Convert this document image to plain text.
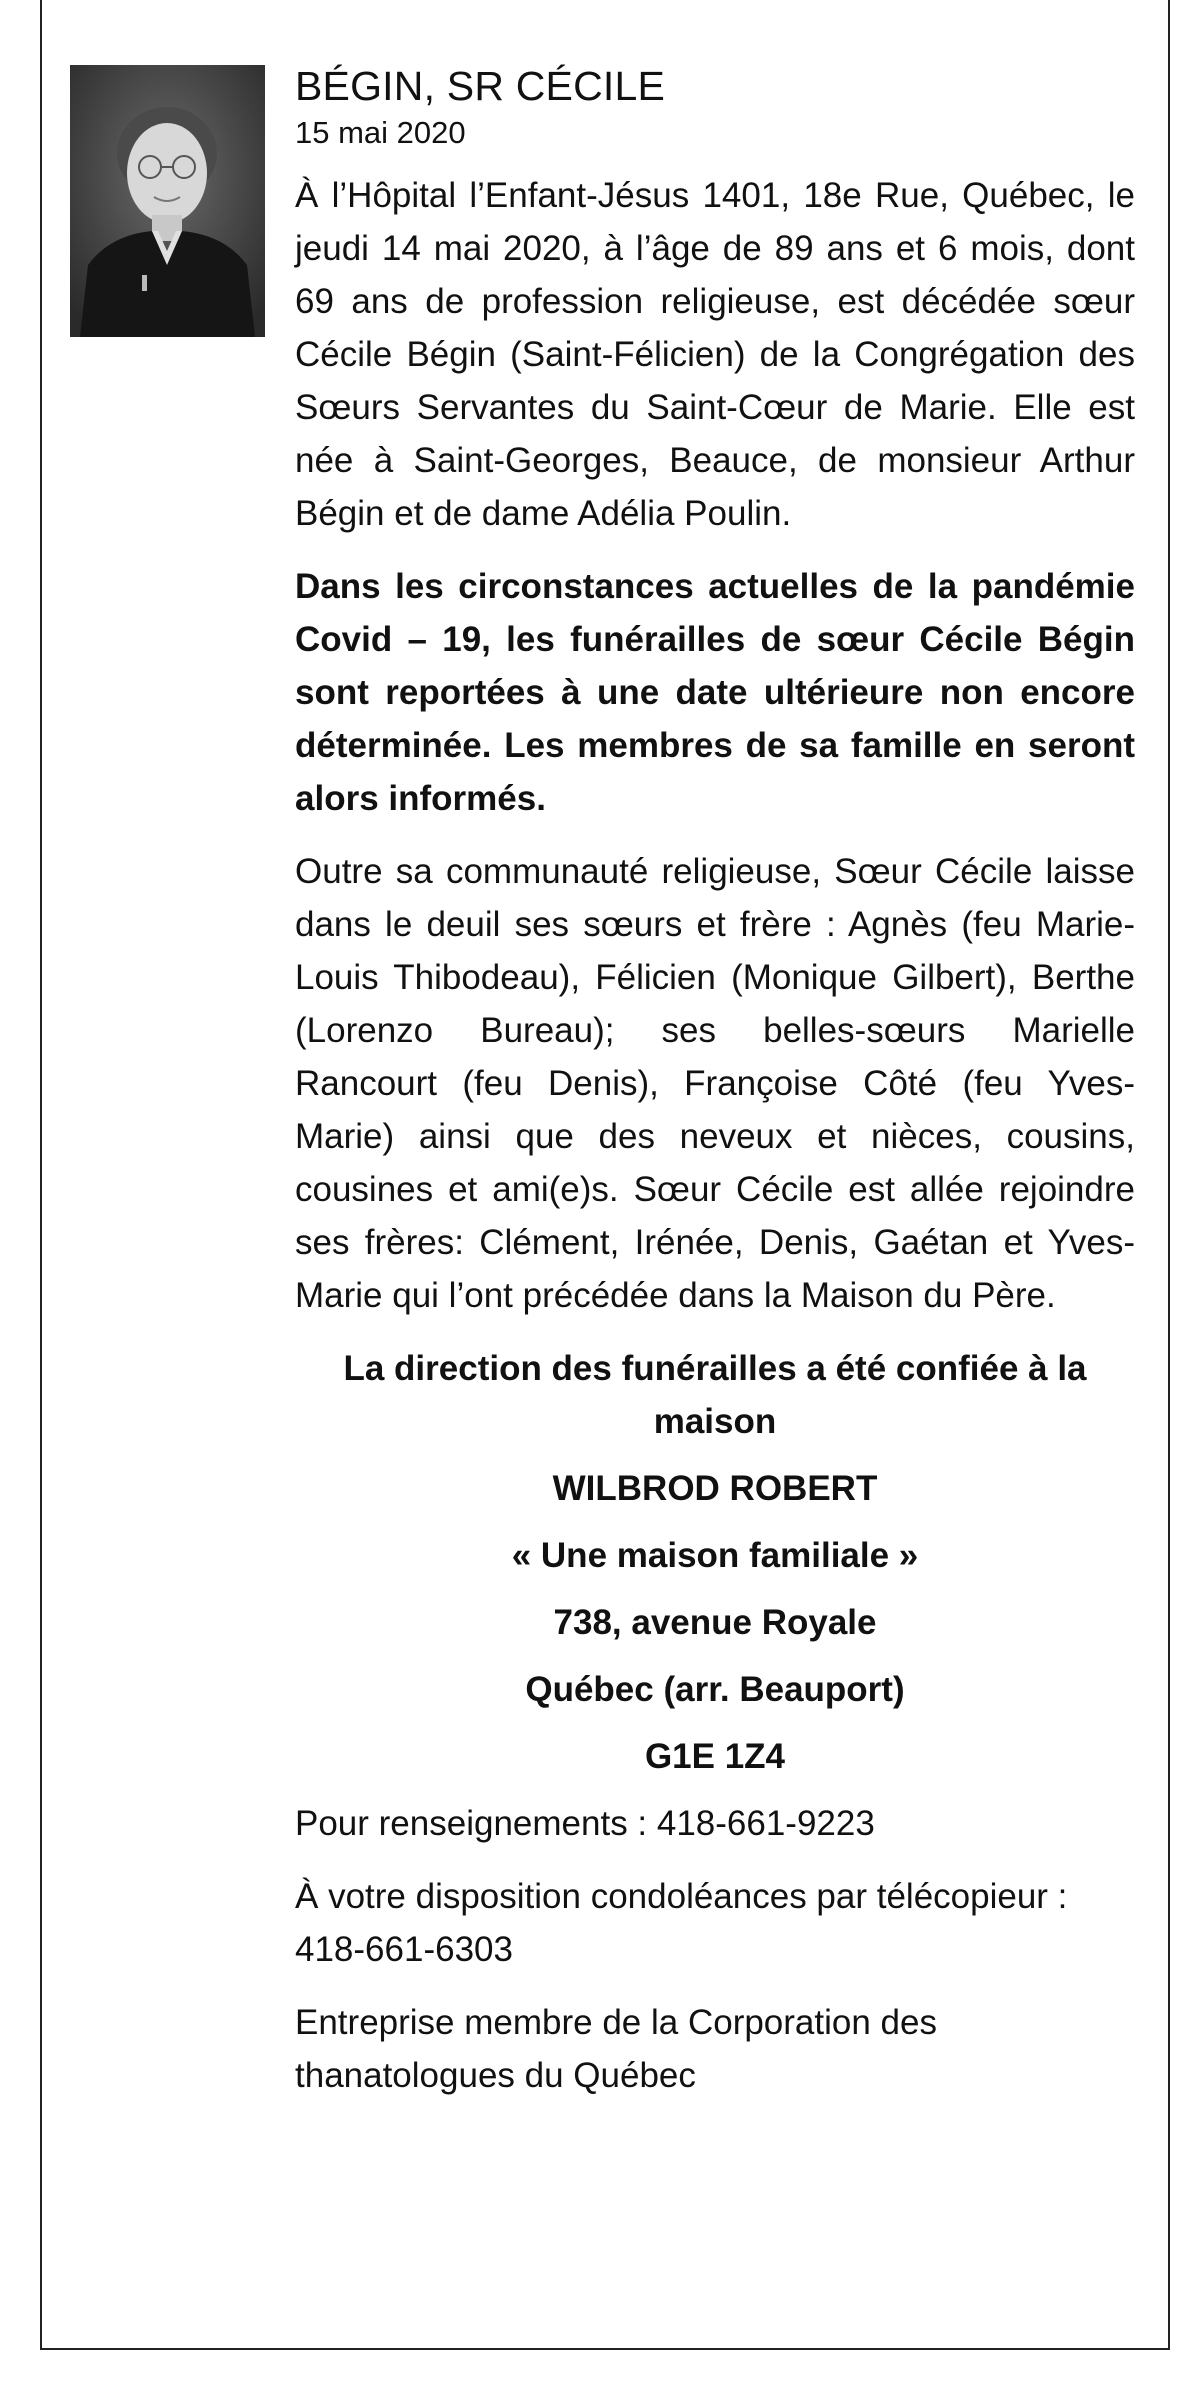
BÉGIN, SR CÉCILE
15 mai 2020

À l’Hôpital l’Enfant-Jésus 1401, 18e Rue, Québec, le jeudi 14 mai 2020, à l’âge de 89 ans et 6 mois, dont 69 ans de profession religieuse, est décédée sœur Cécile Bégin (Saint-Félicien) de la Congrégation des Sœurs Servantes du Saint-Cœur de Marie. Elle est née à Saint-Georges, Beauce, de monsieur Arthur Bégin et de dame Adélia Poulin.

Dans les circonstances actuelles de la pandémie Covid – 19, les funérailles de sœur Cécile Bégin sont reportées à une date ultérieure non encore déterminée. Les membres de sa famille en seront alors informés.

Outre sa communauté religieuse, Sœur Cécile laisse dans le deuil ses sœurs et frère : Agnès (feu Marie-Louis Thibodeau), Félicien (Monique Gilbert), Berthe (Lorenzo Bureau); ses belles-sœurs Marielle Rancourt (feu Denis), Françoise Côté (feu Yves-Marie) ainsi que des neveux et nièces, cousins, cousines et ami(e)s. Sœur Cécile est allée rejoindre ses frères: Clément, Irénée, Denis, Gaétan et Yves-Marie qui l’ont précédée dans la Maison du Père.

La direction des funérailles a été confiée à la maison

WILBROD ROBERT

« Une maison familiale »

738, avenue Royale

Québec (arr. Beauport)

G1E 1Z4

Pour renseignements : 418-661-9223

À votre disposition condoléances par télécopieur : 418-661-6303

Entreprise membre de la Corporation des thanatologues du Québec
